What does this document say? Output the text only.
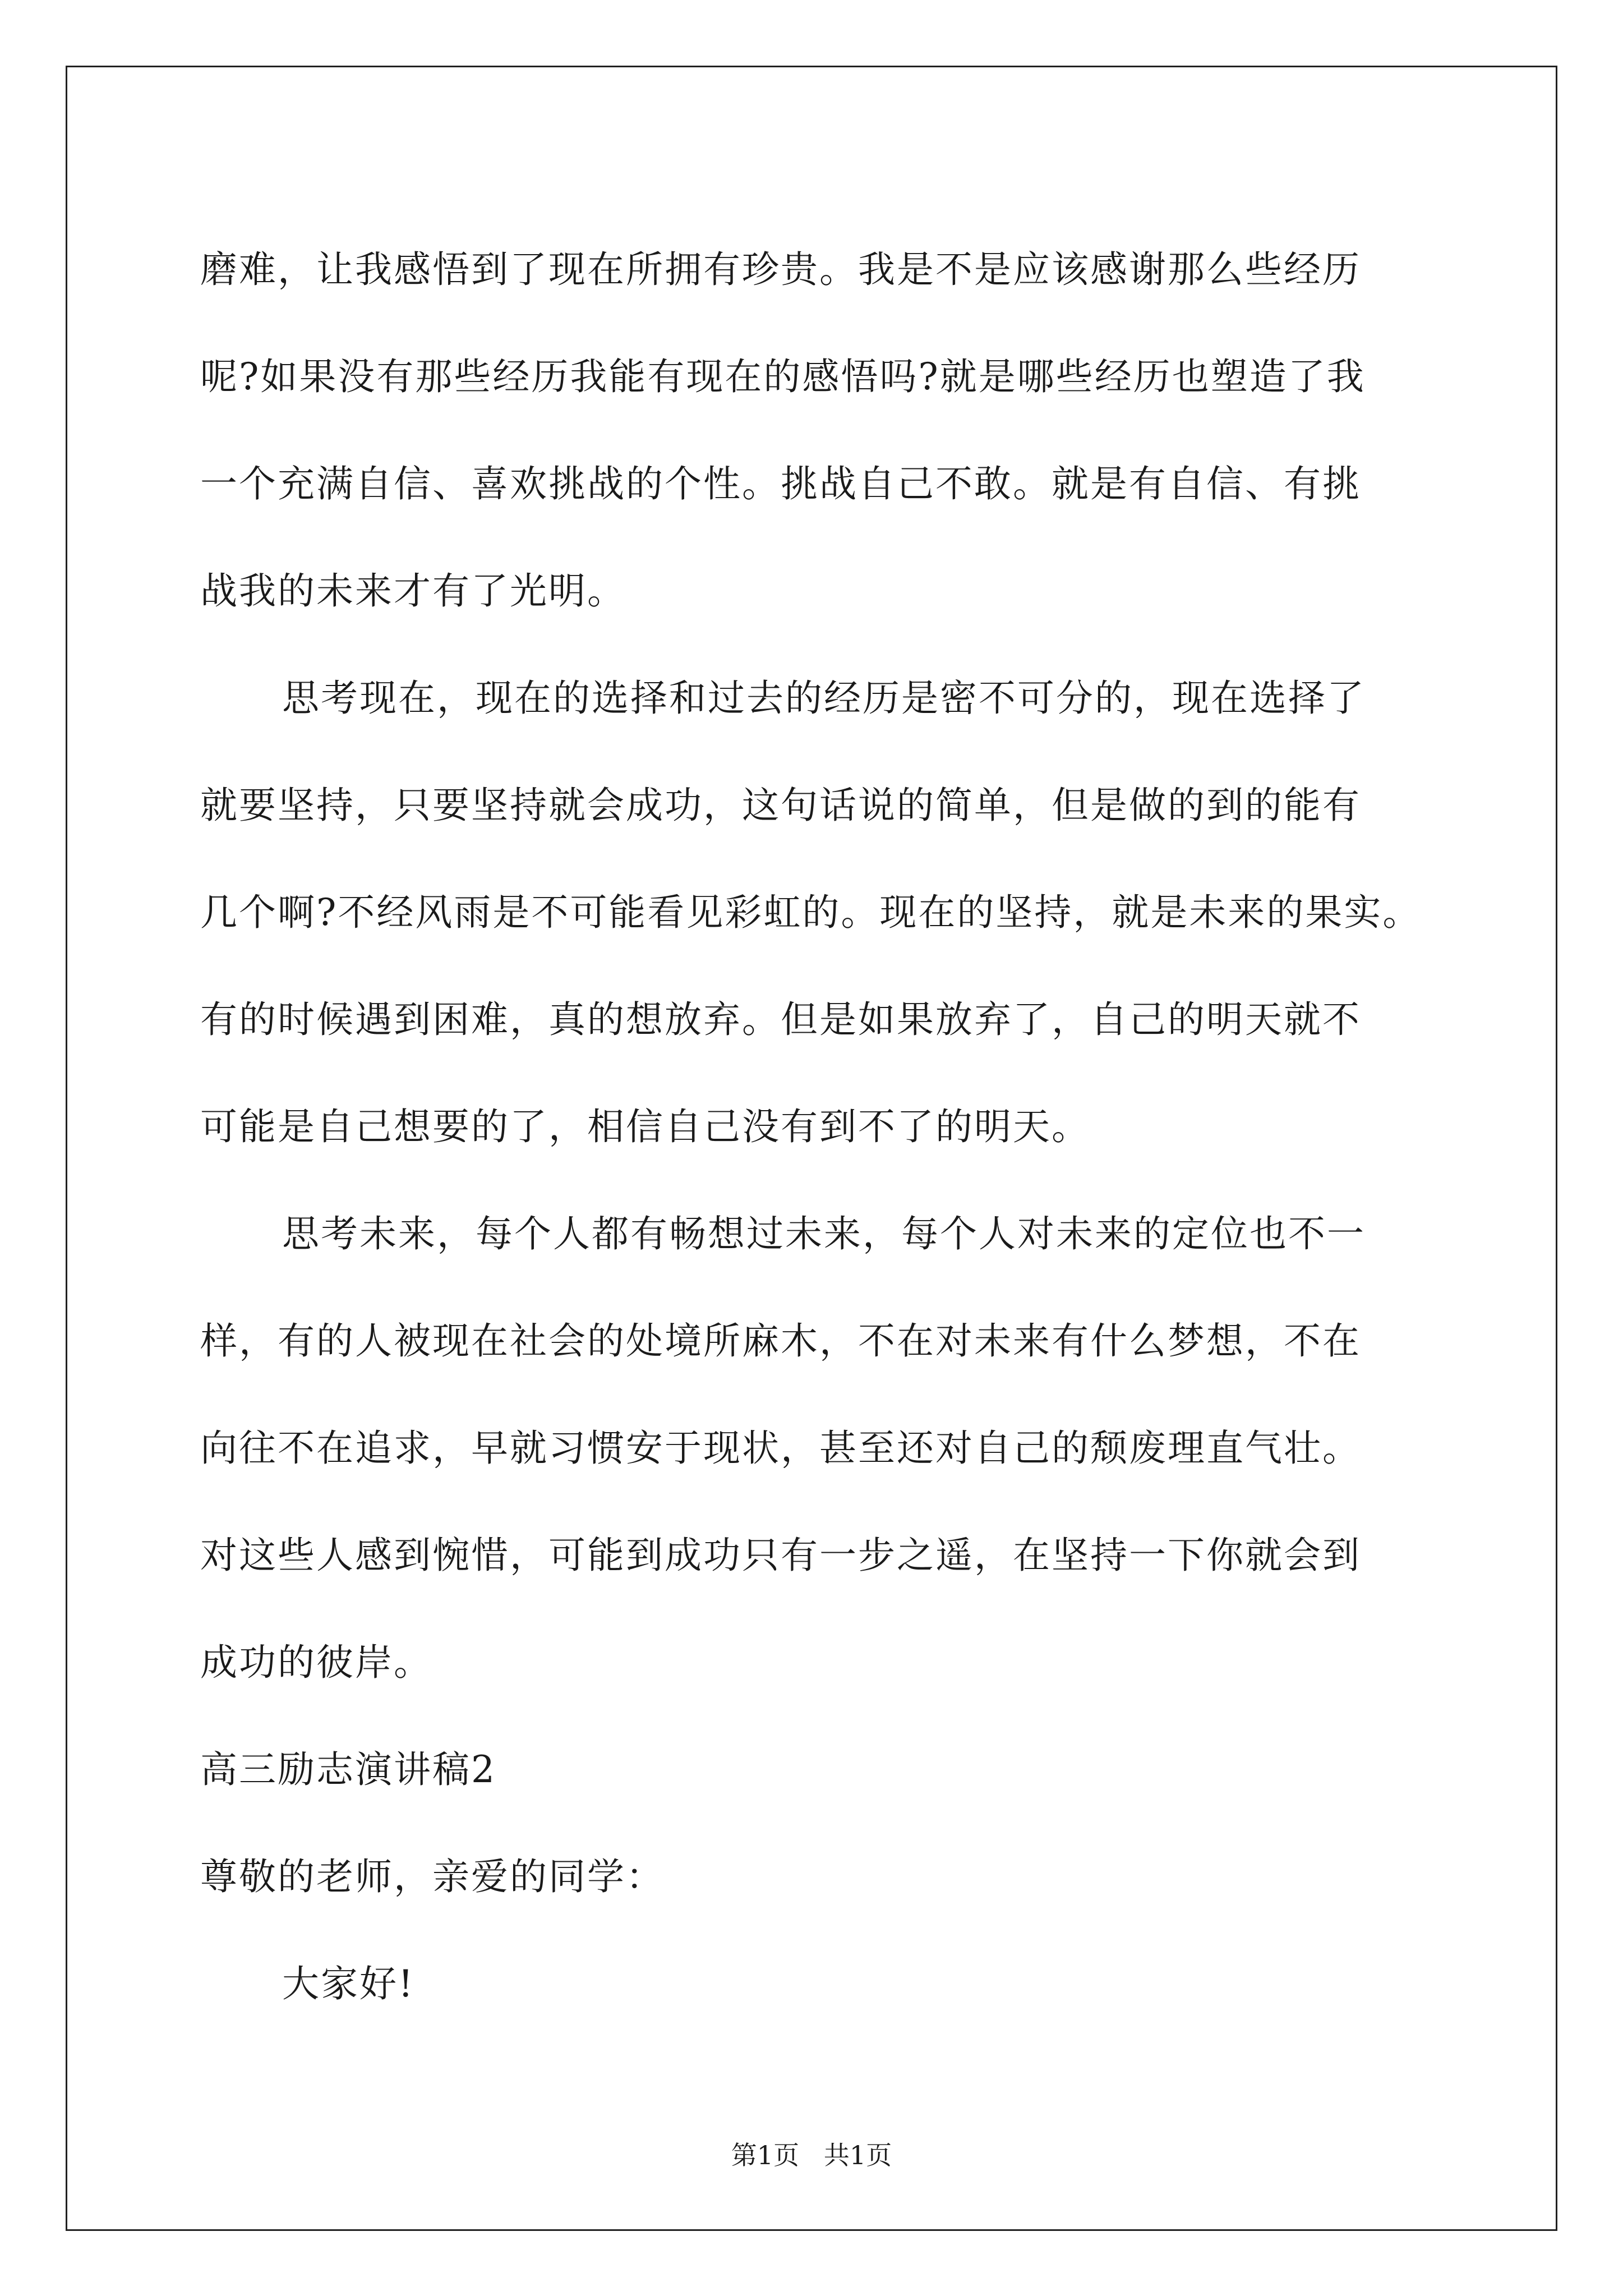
磨难，让我感悟到了现在所拥有珍贵。我是不是应该感谢那么些经历
呢?如果没有那些经历我能有现在的感悟吗?就是哪些经历也塑造了我
一个充满自信、喜欢挑战的个性。挑战自己不敢。就是有自信、有挑
战我的未来才有了光明。
思考现在，现在的选择和过去的经历是密不可分的，现在选择了
就要坚持，只要坚持就会成功，这句话说的简单，但是做的到的能有
几个啊?不经风雨是不可能看见彩虹的。现在的坚持，就是未来的果实。
有的时候遇到困难，真的想放弃。但是如果放弃了，自己的明天就不
可能是自己想要的了，相信自己没有到不了的明天。
思考未来，每个人都有畅想过未来，每个人对未来的定位也不一
样，有的人被现在社会的处境所麻木，不在对未来有什么梦想，不在
向往不在追求，早就习惯安于现状，甚至还对自己的颓废理直气壮。
对这些人感到惋惜，可能到成功只有一步之遥，在坚持一下你就会到
成功的彼岸。
高三励志演讲稿2
尊敬的老师，亲爱的同学：
大家好!
第1页   共1页
